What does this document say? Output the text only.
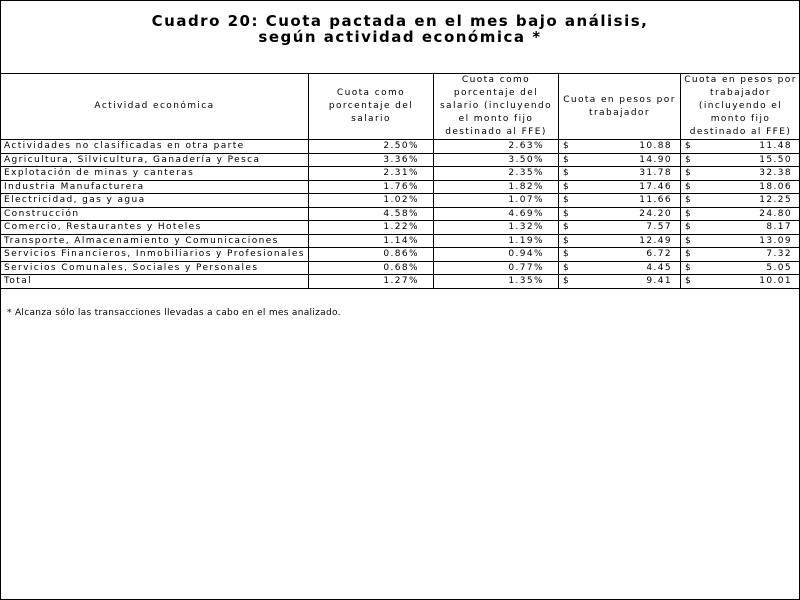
Cuadro 20: Cuota pactada en el mes bajo análisis,
según actividad económica *
Actividad económica	Cuota como porcentaje del salario	Cuota como porcentaje del salario (incluyendo el monto fijo destinado al FFE)	Cuota en pesos por trabajador	Cuota en pesos por trabajador (incluyendo el monto fijo destinado al FFE)
Actividades no clasificadas en otra parte	2.50%	2.63%	$ 10.88	$ 11.48
Agricultura, Silvicultura, Ganadería y Pesca	3.36%	3.50%	$ 14.90	$ 15.50
Explotación de minas y canteras	2.31%	2.35%	$ 31.78	$ 32.38
Industria Manufacturera	1.76%	1.82%	$ 17.46	$ 18.06
Electricidad, gas y agua	1.02%	1.07%	$ 11.66	$ 12.25
Construcción	4.58%	4.69%	$ 24.20	$ 24.80
Comercio, Restaurantes y Hoteles	1.22%	1.32%	$ 7.57	$ 8.17
Transporte, Almacenamiento y Comunicaciones	1.14%	1.19%	$ 12.49	$ 13.09
Servicios Financieros, Inmobiliarios y Profesionales	0.86%	0.94%	$ 6.72	$ 7.32
Servicios Comunales, Sociales y Personales	0.68%	0.77%	$ 4.45	$ 5.05
Total	1.27%	1.35%	$ 9.41	$ 10.01
* Alcanza sólo las transacciones llevadas a cabo en el mes analizado.
